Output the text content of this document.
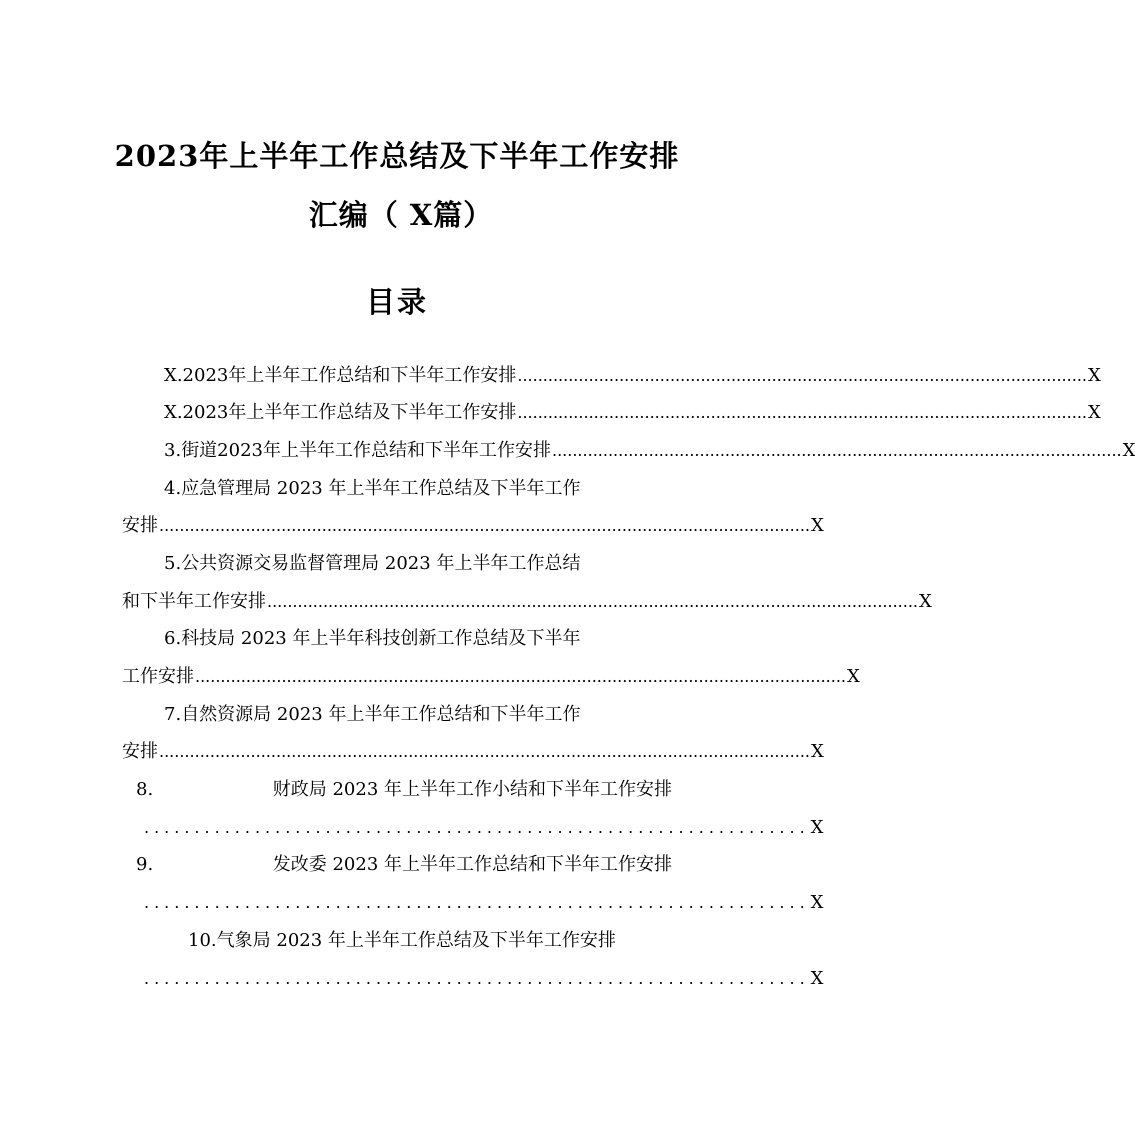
2023年上半年工作总结及下半年工作安排
汇编（ X篇）
目录
X.2023年上半年工作总结和下半年工作安排 ................................................................................................................ X
X.2023年上半年工作总结及下半年工作安排 ................................................................................................................ X
3.街道2023年上半年工作总结和下半年工作安排 ................................................................................................................ X
4.应急管理局 2023 年上半年工作总结及下半年工作
安排 ................................................................................................................................ X
5.公共资源交易监督管理局 2023 年上半年工作总结
和下半年工作安排 ................................................................................................................................ X
6.科技局 2023 年上半年科技创新工作总结及下半年
工作安排 ................................................................................................................................ X
7.自然资源局 2023 年上半年工作总结和下半年工作
安排 ................................................................................................................................ X
8.	财政局 2023 年上半年工作小结和下半年工作安排
.................................................................. X
9.	发改委 2023 年上半年工作总结和下半年工作安排
.................................................................. X
10.气象局 2023 年上半年工作总结及下半年工作安排
.................................................................. X
